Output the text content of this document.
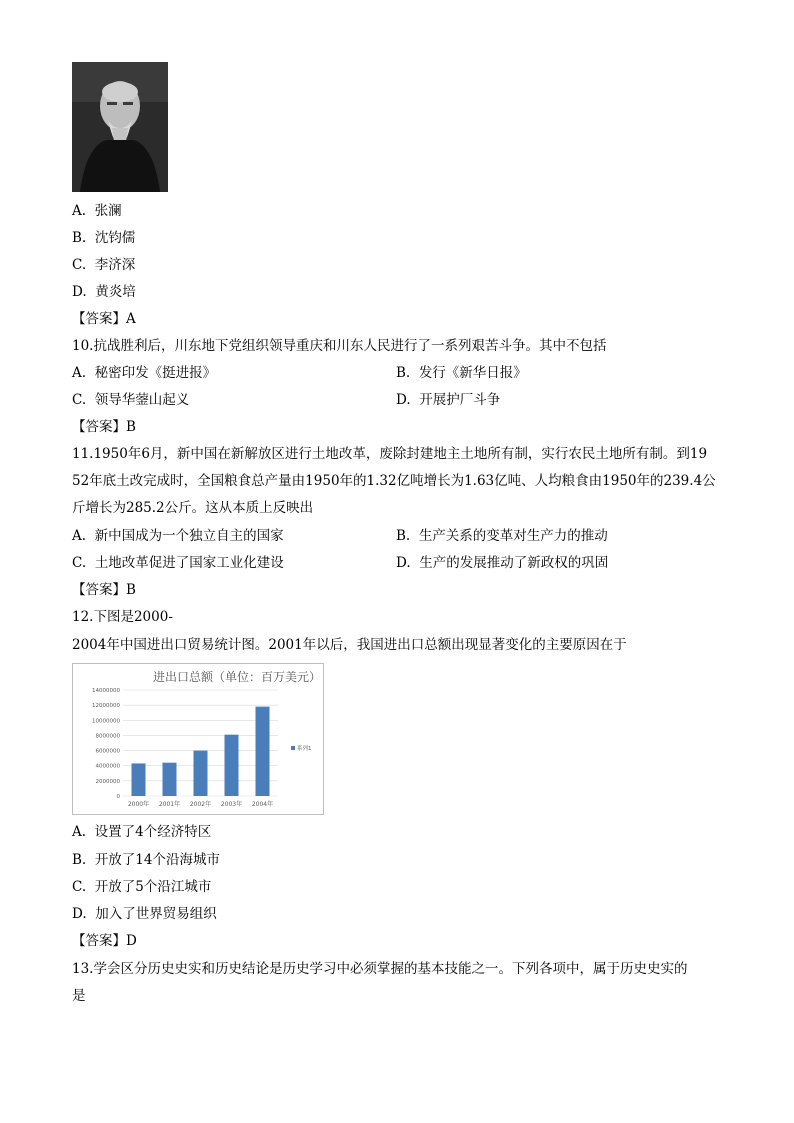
A. 张澜
B. 沈钧儒
C. 李济深
D. 黄炎培
【答案】A
10.抗战胜利后，川东地下党组织领导重庆和川东人民进行了一系列艰苦斗争。其中不包括
A. 秘密印发《挺进报》	B. 发行《新华日报》
C. 领导华蓥山起义	D. 开展护厂斗争
【答案】B
11.1950年6月，新中国在新解放区进行土地改革，废除封建地主土地所有制，实行农民土地所有制。到19
52年底土改完成时，全国粮食总产量由1950年的1.32亿吨增长为1.63亿吨、人均粮食由1950年的239.4公
斤增长为285.2公斤。这从本质上反映出
A. 新中国成为一个独立自主的国家	B. 生产关系的变革对生产力的推动
C. 土地改革促进了国家工业化建设	D. 生产的发展推动了新政权的巩固
【答案】B
12.下图是2000-
2004年中国进出口贸易统计图。2001年以后，我国进出口总额出现显著变化的主要原因在于
进出口总额（单位：百万美元）
0
2000000
4000000
6000000
8000000
10000000
12000000
14000000
2000年 2001年 2002年 2003年 2004年
系列1
A. 设置了4个经济特区
B. 开放了14个沿海城市
C. 开放了5个沿江城市
D. 加入了世界贸易组织
【答案】D
13.学会区分历史史实和历史结论是历史学习中必须掌握的基本技能之一。下列各项中，属于历史史实的
是
